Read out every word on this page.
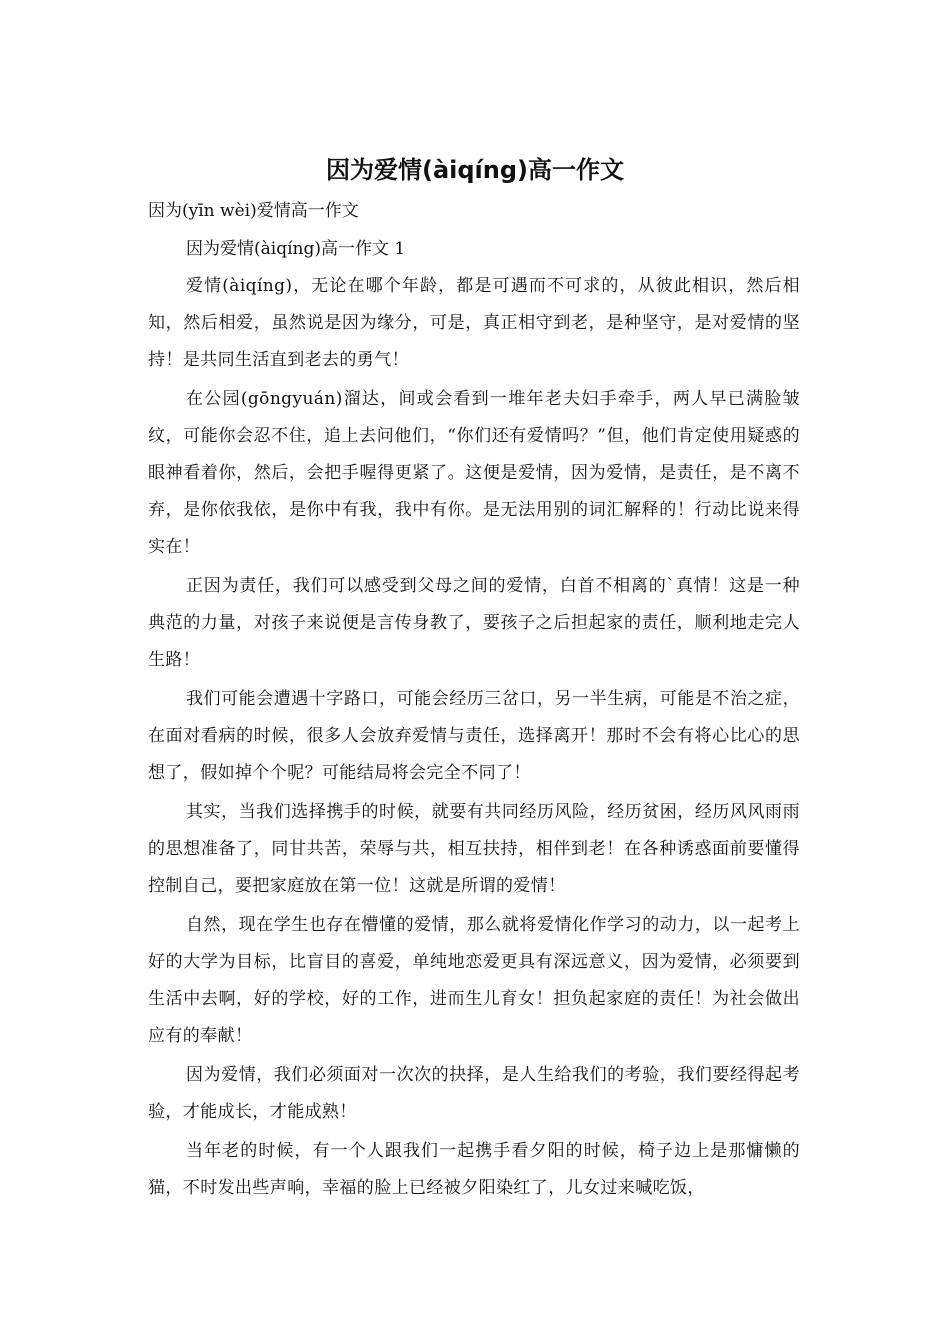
因为爱情(àiqíng)高一作文

因为(yīn wèi)爱情高一作文

因为爱情(àiqíng)高一作文 1

爱情(àiqíng)，无论在哪个年龄，都是可遇而不可求的，从彼此相识，然后相知，然后相爱，虽然说是因为缘分，可是，真正相守到老，是种坚守，是对爱情的坚持！是共同生活直到老去的勇气！

在公园(gōngyuán)溜达，间或会看到一堆年老夫妇手牵手，两人早已满脸皱纹，可能你会忍不住，追上去问他们，“你们还有爱情吗？”但，他们肯定使用疑惑的眼神看着你，然后，会把手喔得更紧了。这便是爱情，因为爱情，是责任，是不离不弃，是你依我依，是你中有我，我中有你。是无法用别的词汇解释的！行动比说来得实在！

正因为责任，我们可以感受到父母之间的爱情，白首不相离的`真情！这是一种典范的力量，对孩子来说便是言传身教了，要孩子之后担起家的责任，顺利地走完人生路！

我们可能会遭遇十字路口，可能会经历三岔口，另一半生病，可能是不治之症，在面对看病的时候，很多人会放弃爱情与责任，选择离开！那时不会有将心比心的思想了，假如掉个个呢？可能结局将会完全不同了！

其实，当我们选择携手的时候，就要有共同经历风险，经历贫困，经历风风雨雨的思想准备了，同甘共苦，荣辱与共，相互扶持，相伴到老！在各种诱惑面前要懂得控制自己，要把家庭放在第一位！这就是所谓的爱情！

自然，现在学生也存在懵懂的爱情，那么就将爱情化作学习的动力，以一起考上好的大学为目标，比盲目的喜爱，单纯地恋爱更具有深远意义，因为爱情，必须要到生活中去啊，好的学校，好的工作，进而生儿育女！担负起家庭的责任！为社会做出应有的奉献！

因为爱情，我们必须面对一次次的抉择，是人生给我们的考验，我们要经得起考验，才能成长，才能成熟！

当年老的时候，有一个人跟我们一起携手看夕阳的时候，椅子边上是那慵懒的猫，不时发出些声响，幸福的脸上已经被夕阳染红了，儿女过来喊吃饭，
